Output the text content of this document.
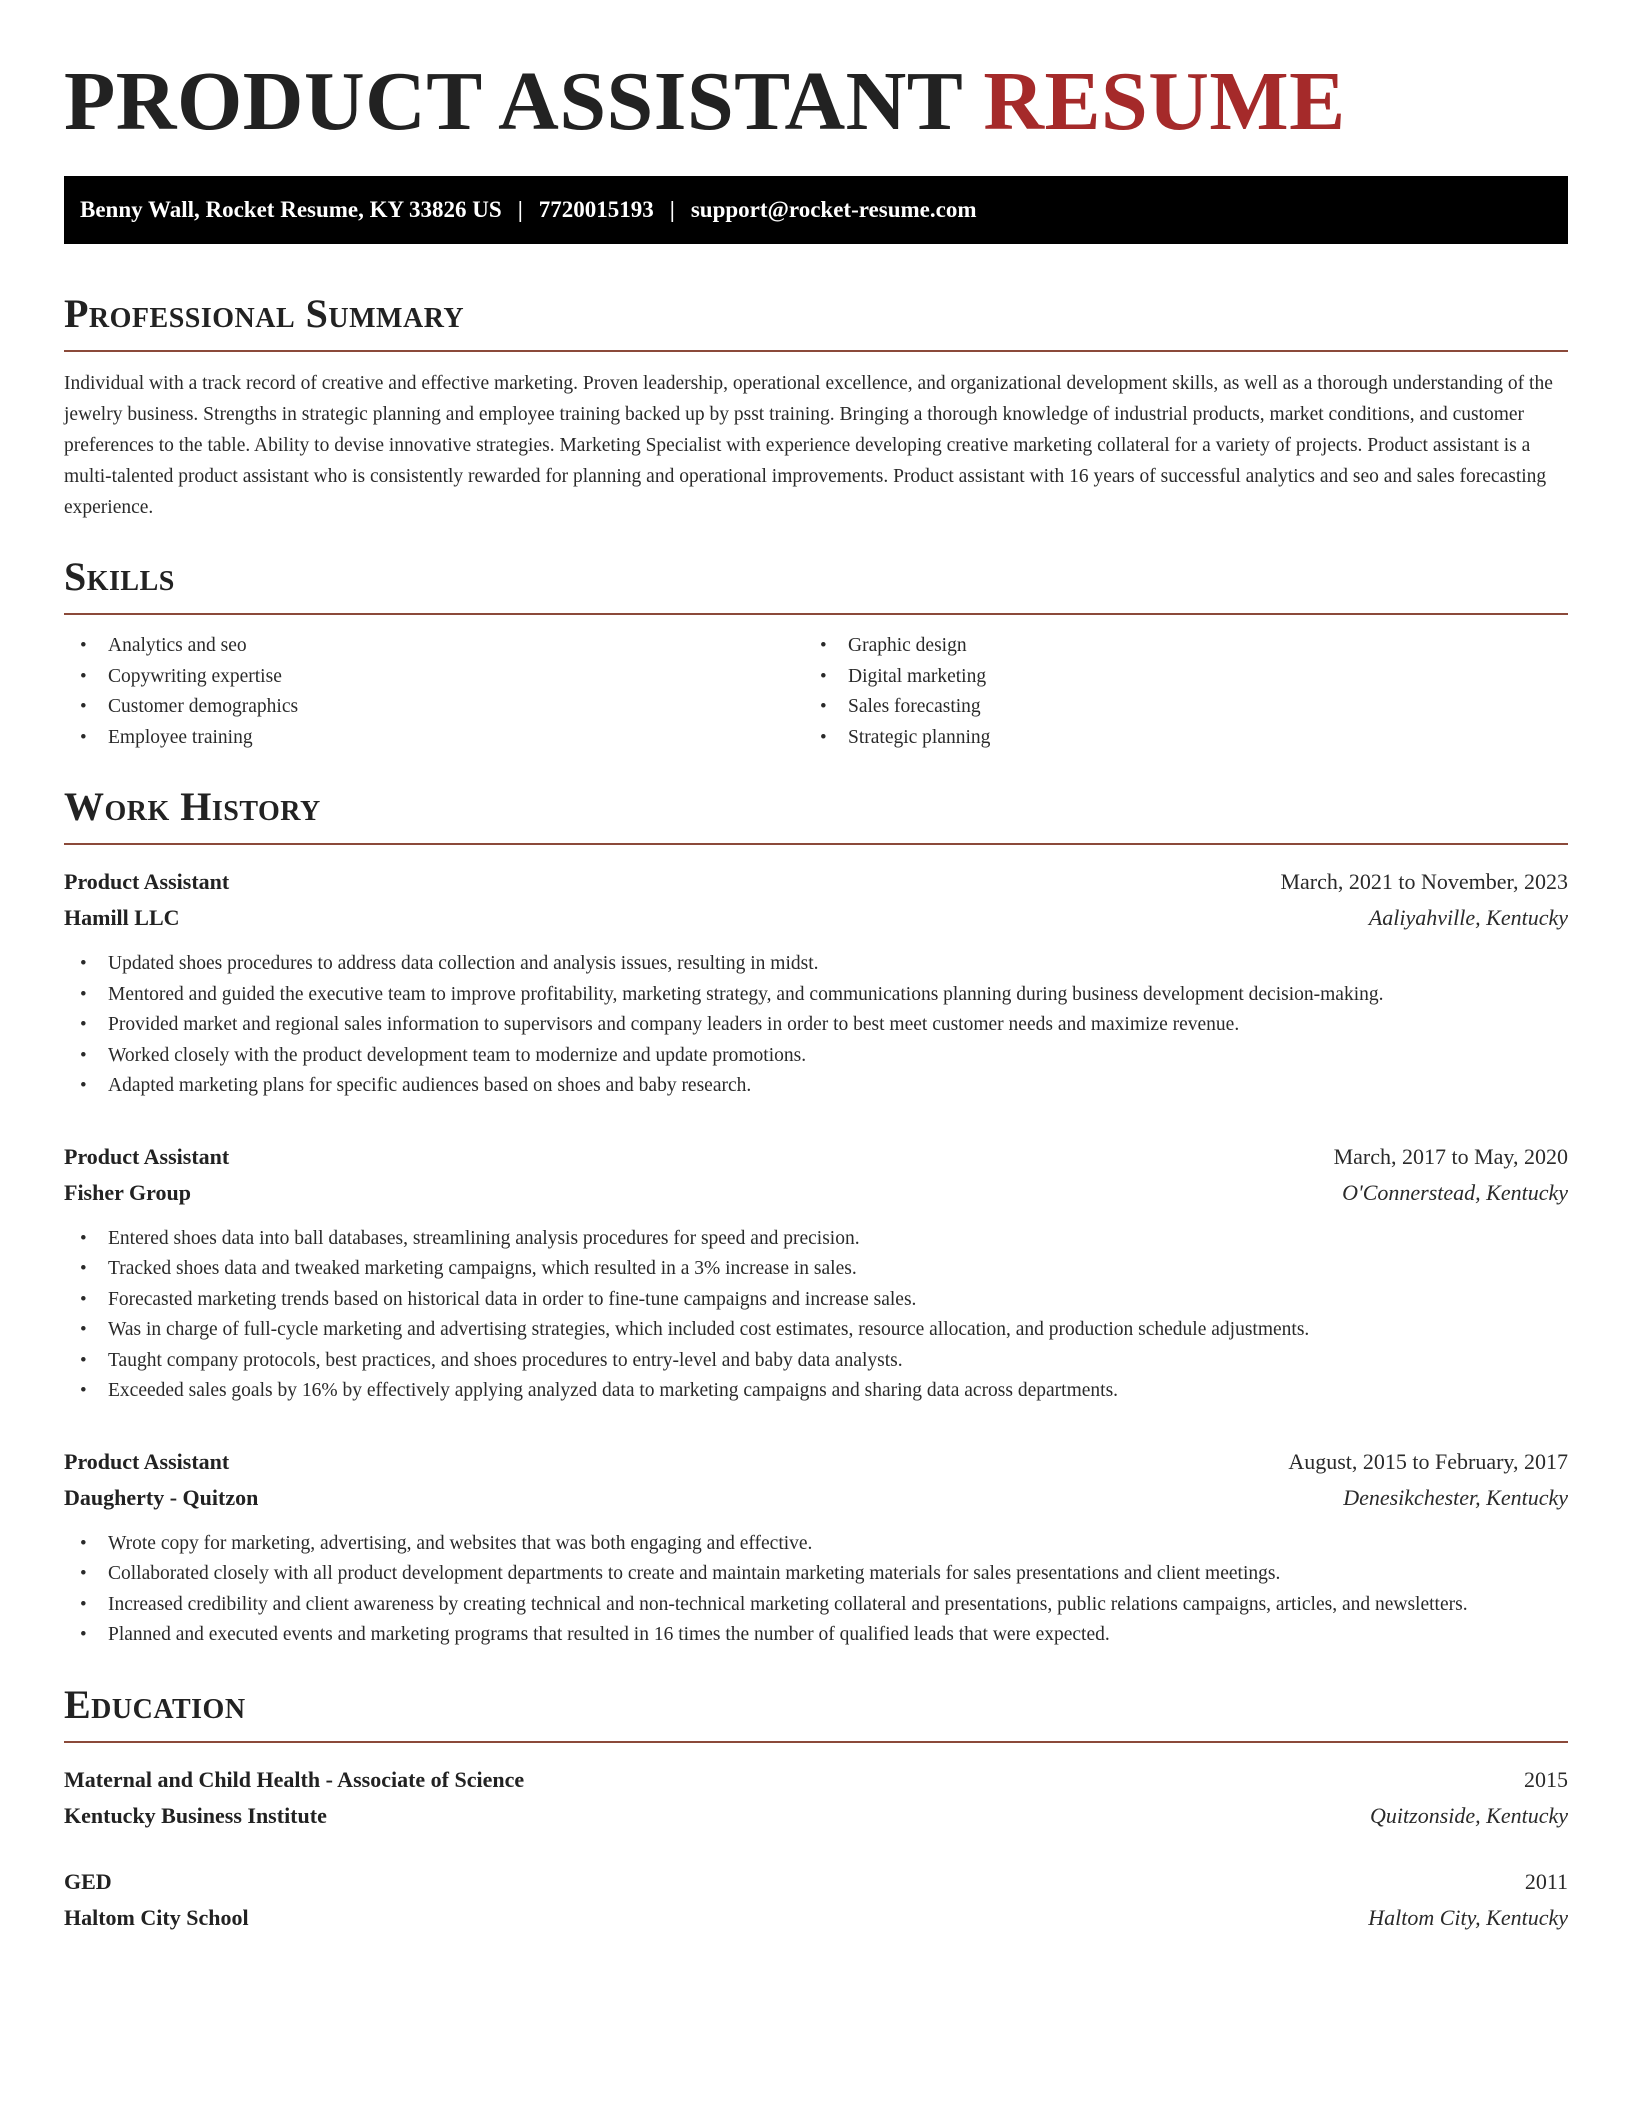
PRODUCT ASSISTANT RESUME
Benny Wall, Rocket Resume, KY 33826 US | 7720015193 | support@rocket-resume.com
Professional Summary

Individual with a track record of creative and effective marketing. Proven leadership, operational excellence, and organizational development skills, as well as a thorough understanding of the jewelry business. Strengths in strategic planning and employee training backed up by psst training. Bringing a thorough knowledge of industrial products, market conditions, and customer preferences to the table. Ability to devise innovative strategies. Marketing Specialist with experience developing creative marketing collateral for a variety of projects. Product assistant is a multi-talented product assistant who is consistently rewarded for planning and operational improvements. Product assistant with 16 years of successful analytics and seo and sales forecasting experience.

Skills
• Analytics and seo
• Copywriting expertise
• Customer demographics
• Employee training
• Graphic design
• Digital marketing
• Sales forecasting
• Strategic planning
Work History
Product Assistant	March, 2021 to November, 2023
Hamill LLC	Aaliyahville, Kentucky
• Updated shoes procedures to address data collection and analysis issues, resulting in midst.
• Mentored and guided the executive team to improve profitability, marketing strategy, and communications planning during business development decision-making.
• Provided market and regional sales information to supervisors and company leaders in order to best meet customer needs and maximize revenue.
• Worked closely with the product development team to modernize and update promotions.
• Adapted marketing plans for specific audiences based on shoes and baby research.
Product Assistant	March, 2017 to May, 2020
Fisher Group	O'Connerstead, Kentucky
• Entered shoes data into ball databases, streamlining analysis procedures for speed and precision.
• Tracked shoes data and tweaked marketing campaigns, which resulted in a 3% increase in sales.
• Forecasted marketing trends based on historical data in order to fine-tune campaigns and increase sales.
• Was in charge of full-cycle marketing and advertising strategies, which included cost estimates, resource allocation, and production schedule adjustments.
• Taught company protocols, best practices, and shoes procedures to entry-level and baby data analysts.
• Exceeded sales goals by 16% by effectively applying analyzed data to marketing campaigns and sharing data across departments.
Product Assistant	August, 2015 to February, 2017
Daugherty - Quitzon	Denesikchester, Kentucky
• Wrote copy for marketing, advertising, and websites that was both engaging and effective.
• Collaborated closely with all product development departments to create and maintain marketing materials for sales presentations and client meetings.
• Increased credibility and client awareness by creating technical and non-technical marketing collateral and presentations, public relations campaigns, articles, and newsletters.
• Planned and executed events and marketing programs that resulted in 16 times the number of qualified leads that were expected.
Education
Maternal and Child Health - Associate of Science	2015
Kentucky Business Institute	Quitzonside, Kentucky
GED	2011
Haltom City School	Haltom City, Kentucky
